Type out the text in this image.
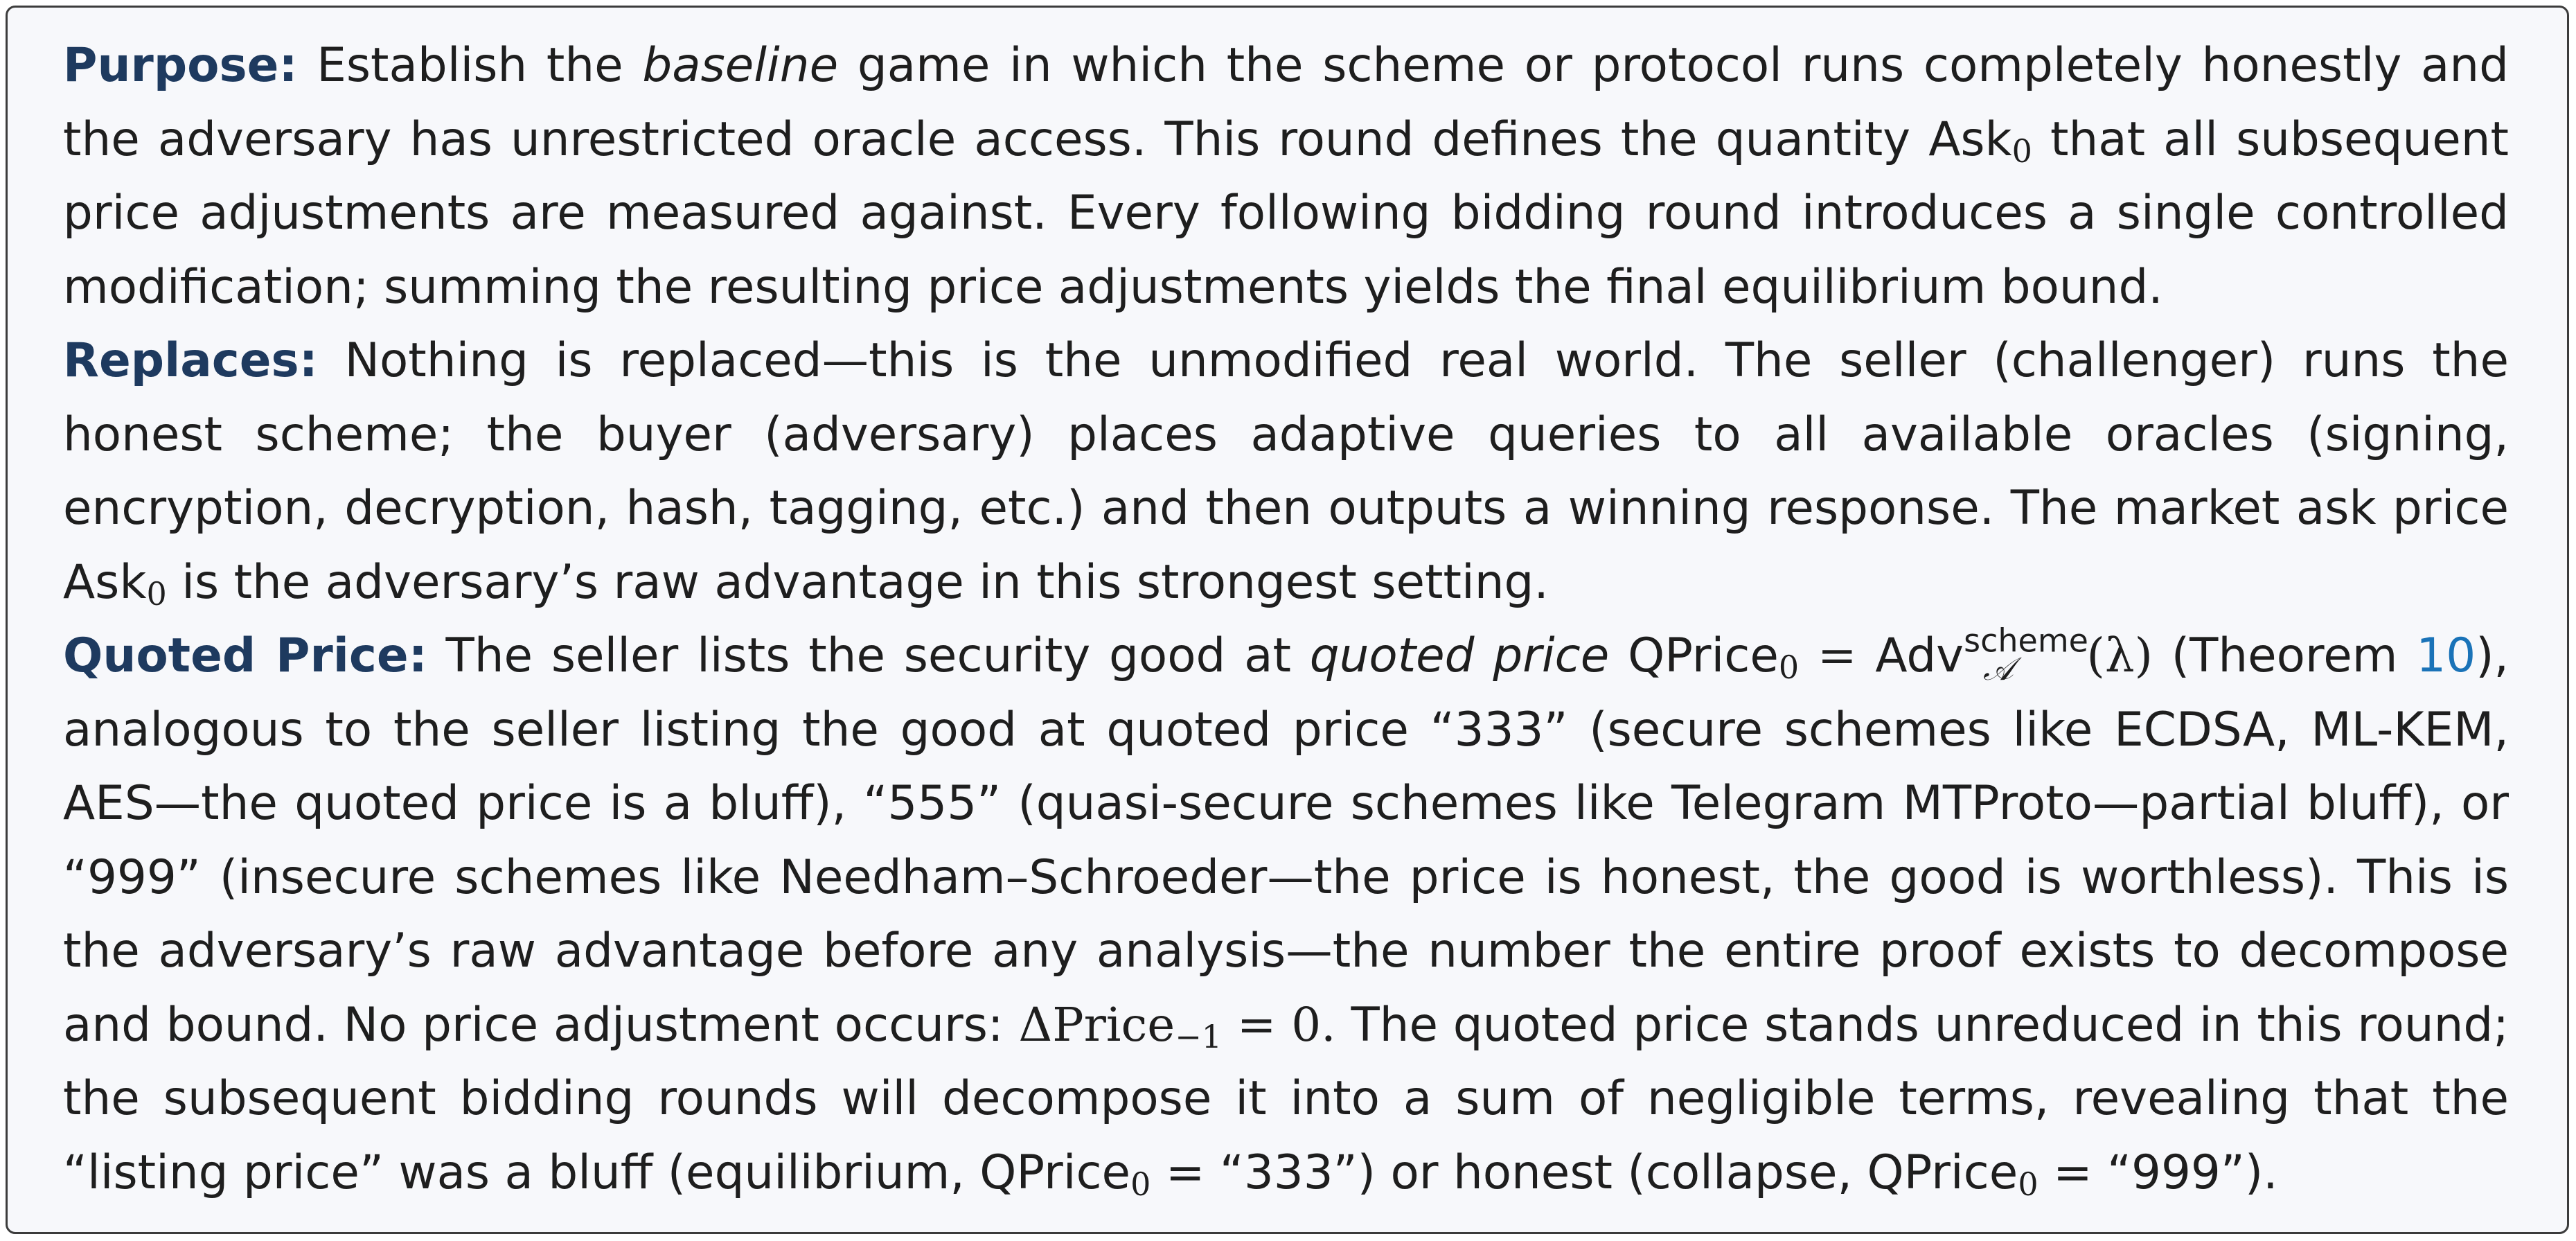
Purpose: Establish the baseline game in which the scheme or protocol runs completely honestly and the adversary has unrestricted oracle access. This round defines the quantity Ask$_0$ that all subsequent price adjustments are measured against. Every following bidding round introduces a single controlled modification; summing the resulting price adjustments yields the final equilibrium bound.

Replaces: Nothing is replaced—this is the unmodified real world. The seller (challenger) runs the honest scheme; the buyer (adversary) places adaptive queries to all available oracles (signing, encryption, decryption, hash, tagging, etc.) and then outputs a winning response. The market ask price Ask$_0$ is the adversary’s raw advantage in this strongest setting.

Quoted Price: The seller lists the security good at quoted price QPrice$_0$ = Adv$^{scheme}$𝒜 (λ) (Theorem 10), analogous to the seller listing the good at quoted price “333” (secure schemes like ECDSA, ML-KEM, AES—the quoted price is a bluff), “555” (quasi-secure schemes like Telegram MTProto—partial bluff), or “999” (insecure schemes like Needham–Schroeder—the price is honest, the good is worthless). This is the adversary’s raw advantage before any analysis—the number the entire proof exists to decompose and bound. No price adjustment occurs: ΔPrice$_{-1}$ = 0. The quoted price stands unreduced in this round; the subsequent bidding rounds will decompose it into a sum of negligible terms, revealing that the “listing price” was a bluff (equilibrium, QPrice$_0$ = “333”) or honest (collapse, QPrice$_0$ = “999”).
